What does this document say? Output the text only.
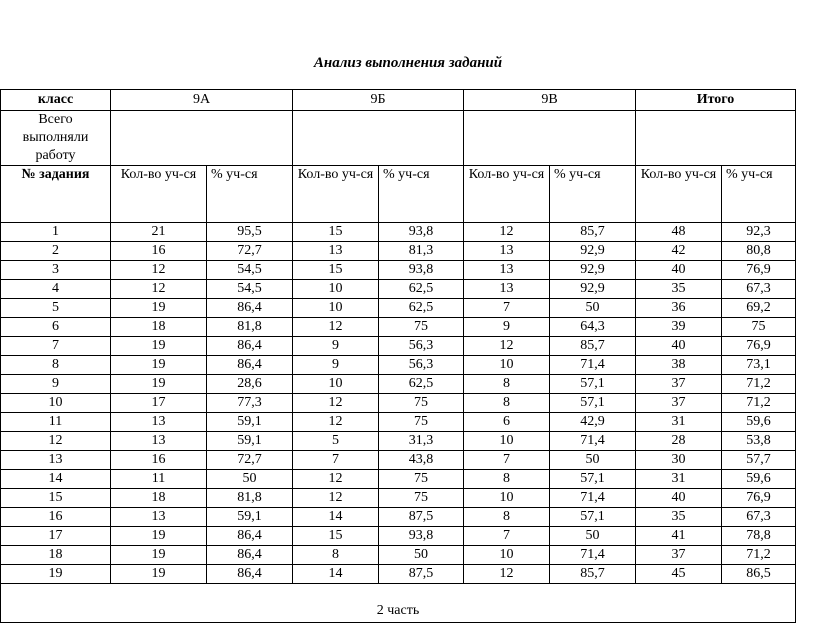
Анализ выполнения заданий
класс	9А		9Б		9В		Итого	
Всего выполняли работу								
№ задания	Кол-во уч-ся	% уч-ся	Кол-во уч-ся	% уч-ся	Кол-во уч-ся	% уч-ся	Кол-во уч-ся	% уч-ся
1	21	95,5	15	93,8	12	85,7	48	92,3
2	16	72,7	13	81,3	13	92,9	42	80,8
3	12	54,5	15	93,8	13	92,9	40	76,9
4	12	54,5	10	62,5	13	92,9	35	67,3
5	19	86,4	10	62,5	7	50	36	69,2
6	18	81,8	12	75	9	64,3	39	75
7	19	86,4	9	56,3	12	85,7	40	76,9
8	19	86,4	9	56,3	10	71,4	38	73,1
9	19	28,6	10	62,5	8	57,1	37	71,2
10	17	77,3	12	75	8	57,1	37	71,2
11	13	59,1	12	75	6	42,9	31	59,6
12	13	59,1	5	31,3	10	71,4	28	53,8
13	16	72,7	7	43,8	7	50	30	57,7
14	11	50	12	75	8	57,1	31	59,6
15	18	81,8	12	75	10	71,4	40	76,9
16	13	59,1	14	87,5	8	57,1	35	67,3
17	19	86,4	15	93,8	7	50	41	78,8
18	19	86,4	8	50	10	71,4	37	71,2
19	19	86,4	14	87,5	12	85,7	45	86,5
2 часть								
